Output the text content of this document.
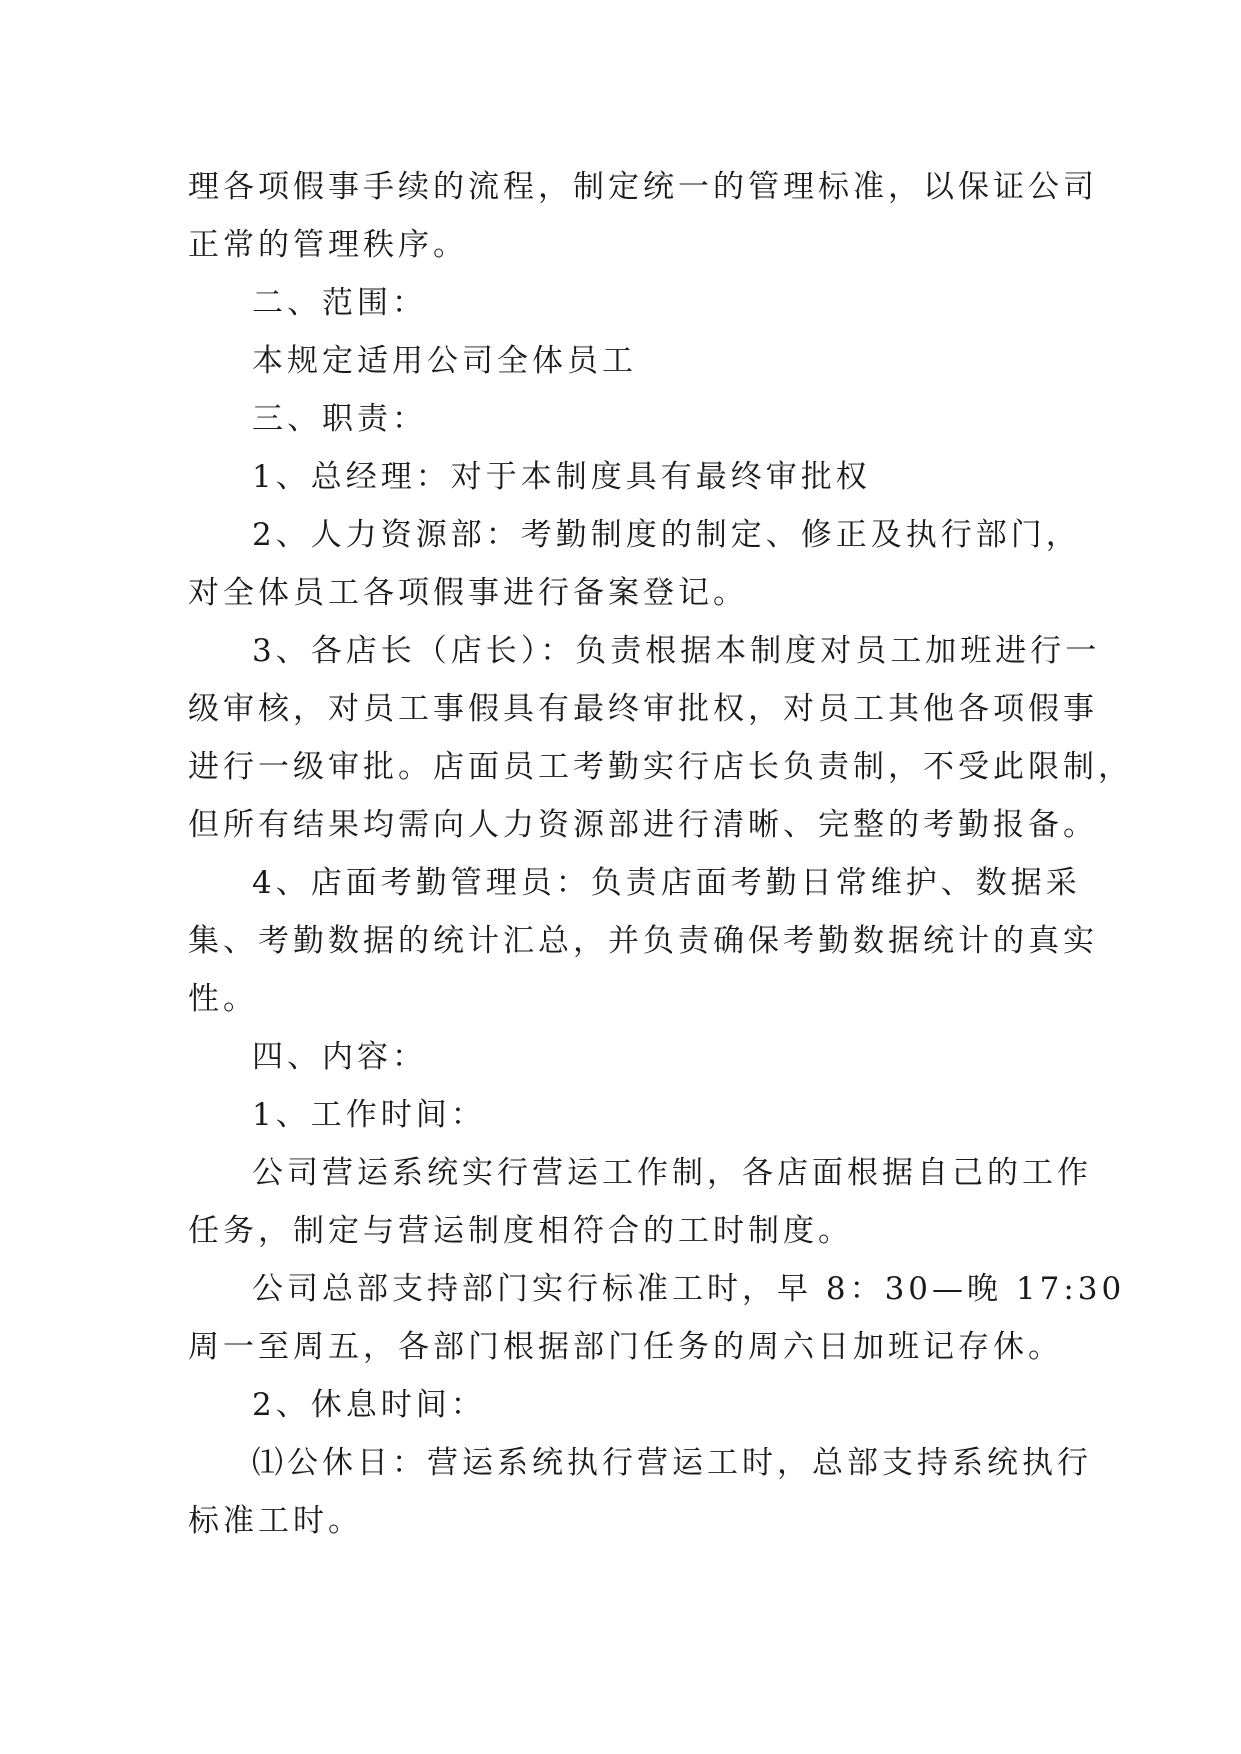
理各项假事手续的流程，制定统一的管理标准，以保证公司
正常的管理秩序。
二、范围：
本规定适用公司全体员工
三、职责：
1、总经理：对于本制度具有最终审批权
2、人力资源部：考勤制度的制定、修正及执行部门，
对全体员工各项假事进行备案登记。
3、各店长（店长）：负责根据本制度对员工加班进行一
级审核，对员工事假具有最终审批权，对员工其他各项假事
进行一级审批。店面员工考勤实行店长负责制，不受此限制，
但所有结果均需向人力资源部进行清晰、完整的考勤报备。
4、店面考勤管理员：负责店面考勤日常维护、数据采
集、考勤数据的统计汇总，并负责确保考勤数据统计的真实
性。
四、内容：
1、工作时间：
公司营运系统实行营运工作制，各店面根据自己的工作
任务，制定与营运制度相符合的工时制度。
公司总部支持部门实行标准工时，早 8：30—晚 17:30
周一至周五，各部门根据部门任务的周六日加班记存休。
2、休息时间：
⑴公休日：营运系统执行营运工时，总部支持系统执行
标准工时。
